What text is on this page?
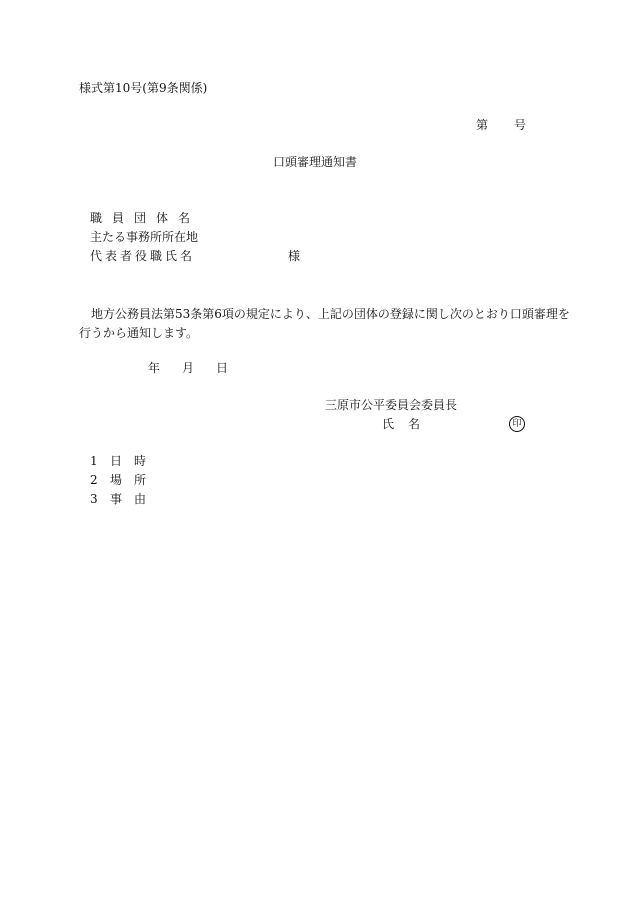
様式第10号(第9条関係)
第 号
口頭審理通知書
職員団体名
主たる事務所所在地
代表者役職氏名	様
地方公務員法第53条第6項の規定により、上記の団体の登録に関し次のとおり口頭審理を行うから通知します。
年 月 日
三原市公平委員会委員長
氏 名	印
1 日時
2 場所
3 事由
